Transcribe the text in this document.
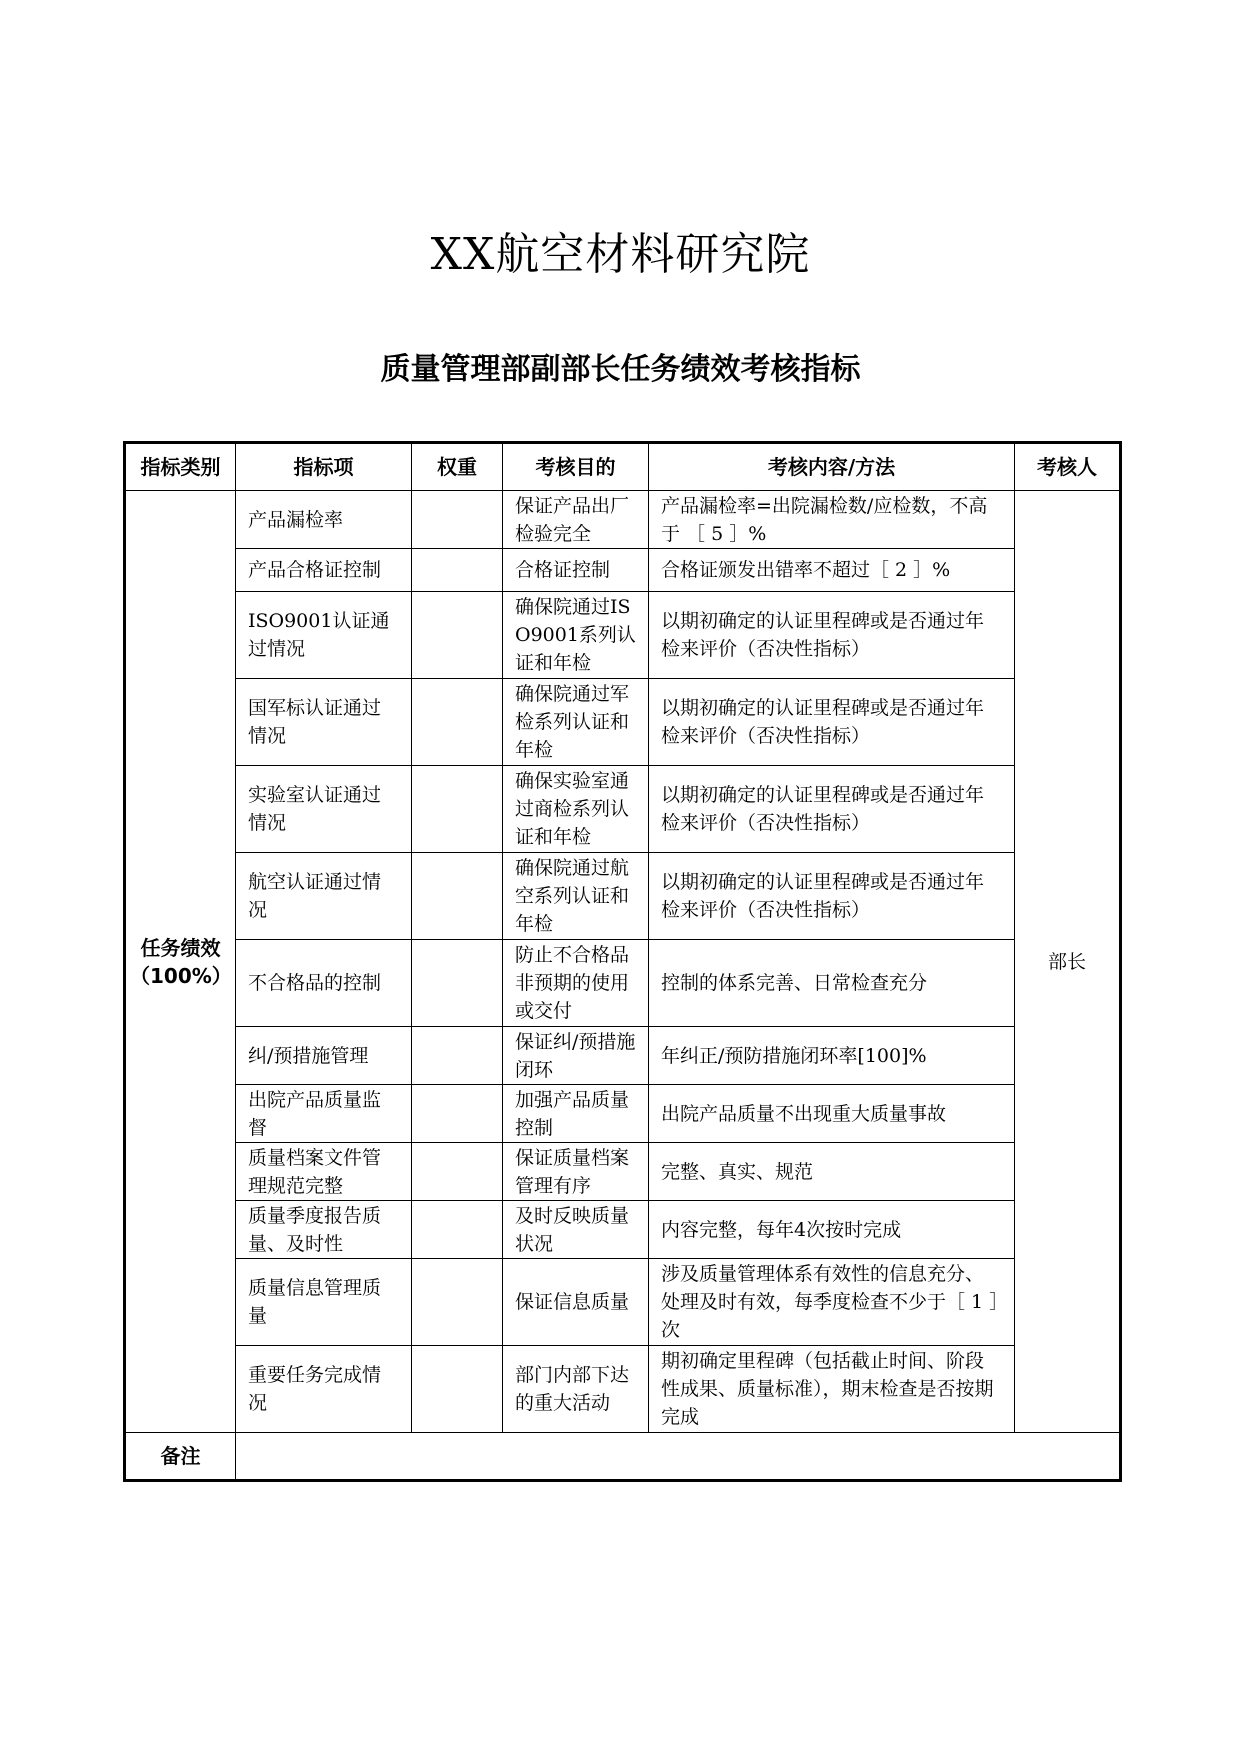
XX航空材料研究院
质量管理部副部长任务绩效考核指标
指标类别	指标项	权重	考核目的	考核内容/方法	考核人

任务绩效
（100%）	产品漏检率		保证产品出厂检验完全	产品漏检率=出院漏检数/应检数，不高于 ［ 5 ］%	部长
	产品合格证控制		合格证控制	合格证颁发出错率不超过［ 2 ］%	
	ISO9001认证通过情况		确保院通过ISO9001系列认证和年检	以期初确定的认证里程碑或是否通过年检来评价（否决性指标）	
	国军标认证通过情况		确保院通过军检系列认证和年检	以期初确定的认证里程碑或是否通过年检来评价（否决性指标）	
	实验室认证通过情况		确保实验室通过商检系列认证和年检	以期初确定的认证里程碑或是否通过年检来评价（否决性指标）	
	航空认证通过情况		确保院通过航空系列认证和年检	以期初确定的认证里程碑或是否通过年检来评价（否决性指标）	
	不合格品的控制		防止不合格品非预期的使用或交付	控制的体系完善、日常检查充分	
	纠/预措施管理		保证纠/预措施闭环	年纠正/预防措施闭环率[100]%	
	出院产品质量监督		加强产品质量控制	出院产品质量不出现重大质量事故	
	质量档案文件管理规范完整		保证质量档案管理有序	完整、真实、规范	
	质量季度报告质量、及时性		及时反映质量状况	内容完整，每年4次按时完成	
	质量信息管理质量		保证信息质量	涉及质量管理体系有效性的信息充分、处理及时有效，每季度检查不少于［ 1 ］次	
	重要任务完成情况		部门内部下达的重大活动	期初确定里程碑（包括截止时间、阶段性成果、质量标准），期末检查是否按期完成	
备注					
